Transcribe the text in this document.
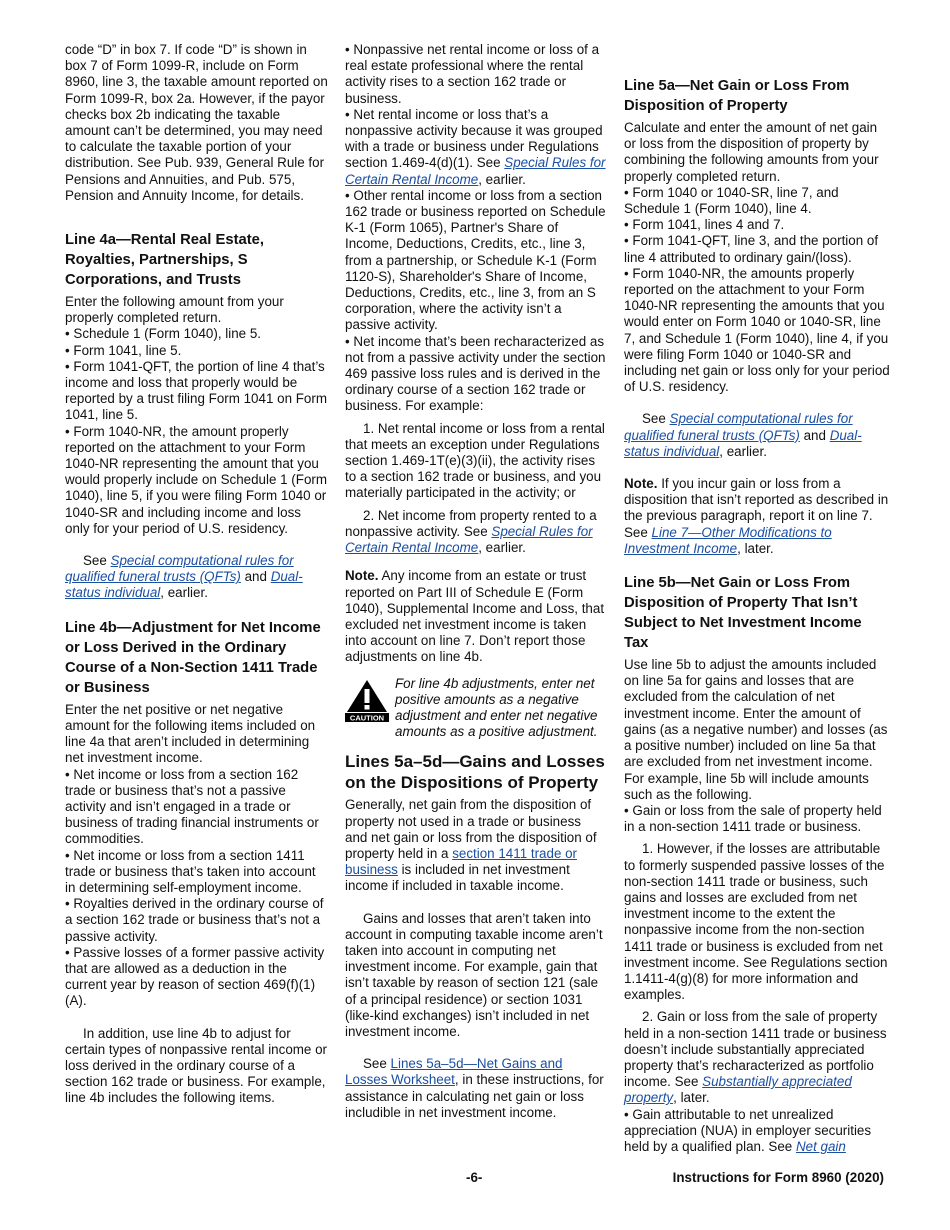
code “D” in box 7. If code “D” is shown in box 7 of Form 1099-R, include on Form 8960, line 3, the taxable amount reported on Form 1099-R, box 2a. However, if the payor checks box 2b indicating the taxable amount can’t be determined, you may need to calculate the taxable portion of your distribution. See Pub. 939, General Rule for Pensions and Annuities, and Pub. 575, Pension and Annuity Income, for details.

Line 4a—Rental Real Estate, Royalties, Partnerships, S Corporations, and Trusts

Enter the following amount from your properly completed return.

• Schedule 1 (Form 1040), line 5.

• Form 1041, line 5.

• Form 1041-QFT, the portion of line 4 that’s income and loss that properly would be reported by a trust filing Form 1041 on Form 1041, line 5.

• Form 1040-NR, the amount properly reported on the attachment to your Form 1040-NR representing the amount that you would properly include on Schedule 1 (Form 1040), line 5, if you were filing Form 1040 or 1040-SR and including income and loss only for your period of U.S. residency.

See Special computational rules for qualified funeral trusts (QFTs) and Dual-status individual, earlier.

Line 4b—Adjustment for Net Income or Loss Derived in the Ordinary Course of a Non-Section 1411 Trade or Business

Enter the net positive or net negative amount for the following items included on line 4a that aren’t included in determining net investment income.

• Net income or loss from a section 162 trade or business that’s not a passive activity and isn’t engaged in a trade or business of trading financial instruments or commodities.

• Net income or loss from a section 1411 trade or business that’s taken into account in determining self-employment income.

• Royalties derived in the ordinary course of a section 162 trade or business that’s not a passive activity.

• Passive losses of a former passive activity that are allowed as a deduction in the current year by reason of section 469(f)(1)(A).

In addition, use line 4b to adjust for certain types of nonpassive rental income or loss derived in the ordinary course of a section 162 trade or business. For example, line 4b includes the following items.

• Nonpassive net rental income or loss of a real estate professional where the rental activity rises to a section 162 trade or business.

• Net rental income or loss that’s a nonpassive activity because it was grouped with a trade or business under Regulations section 1.469-4(d)(1). See Special Rules for Certain Rental Income, earlier.

• Other rental income or loss from a section 162 trade or business reported on Schedule K-1 (Form 1065), Partner's Share of Income, Deductions, Credits, etc., line 3, from a partnership, or Schedule K-1 (Form 1120-S), Shareholder's Share of Income, Deductions, Credits, etc., line 3, from an S corporation, where the activity isn’t a passive activity.

• Net income that’s been recharacterized as not from a passive activity under the section 469 passive loss rules and is derived in the ordinary course of a section 162 trade or business. For example:

1. Net rental income or loss from a rental that meets an exception under Regulations section 1.469-1T(e)(3)(ii), the activity rises to a section 162 trade or business, and you materially participated in the activity; or

2. Net income from property rented to a nonpassive activity. See Special Rules for Certain Rental Income, earlier.

Note. Any income from an estate or trust reported on Part III of Schedule E (Form 1040), Supplemental Income and Loss, that excluded net investment income is taken into account on line 7. Don’t report those adjustments on line 4b.

CAUTION

For line 4b adjustments, enter net positive amounts as a negative adjustment and enter net negative amounts as a positive adjustment.

Lines 5a–5d—Gains and Losses on the Dispositions of Property

Generally, net gain from the disposition of property not used in a trade or business and net gain or loss from the disposition of property held in a section 1411 trade or business is included in net investment income if included in taxable income.

Gains and losses that aren’t taken into account in computing taxable income aren’t taken into account in computing net investment income. For example, gain that isn’t taxable by reason of section 121 (sale of a principal residence) or section 1031 (like-kind exchanges) isn’t included in net investment income.

See Lines 5a–5d—Net Gains and Losses Worksheet, in these instructions, for assistance in calculating net gain or loss includible in net investment income.

Line 5a—Net Gain or Loss From Disposition of Property

Calculate and enter the amount of net gain or loss from the disposition of property by combining the following amounts from your properly completed return.

• Form 1040 or 1040-SR, line 7, and Schedule 1 (Form 1040), line 4.

• Form 1041, lines 4 and 7.

• Form 1041-QFT, line 3, and the portion of line 4 attributed to ordinary gain/(loss).

• Form 1040-NR, the amounts properly reported on the attachment to your Form 1040-NR representing the amounts that you would enter on Form 1040 or 1040-SR, line 7, and Schedule 1 (Form 1040), line 4, if you were filing Form 1040 or 1040-SR and including net gain or loss only for your period of U.S. residency.

See Special computational rules for qualified funeral trusts (QFTs) and Dual-status individual, earlier.

Note. If you incur gain or loss from a disposition that isn’t reported as described in the previous paragraph, report it on line 7. See Line 7—Other Modifications to Investment Income, later.

Line 5b—Net Gain or Loss From Disposition of Property That Isn’t Subject to Net Investment Income Tax

Use line 5b to adjust the amounts included on line 5a for gains and losses that are excluded from the calculation of net investment income. Enter the amount of gains (as a negative number) and losses (as a positive number) included on line 5a that are excluded from net investment income. For example, line 5b will include amounts such as the following.

• Gain or loss from the sale of property held in a non-section 1411 trade or business.

1. However, if the losses are attributable to formerly suspended passive losses of the non-section 1411 trade or business, such gains and losses are excluded from net investment income to the extent the nonpassive income from the non-section 1411 trade or business is excluded from net investment income. See Regulations section 1.1411-4(g)(8) for more information and examples.

2. Gain or loss from the sale of property held in a non-section 1411 trade or business doesn’t include substantially appreciated property that’s recharacterized as portfolio income. See Substantially appreciated property, later.

• Gain attributable to net unrealized appreciation (NUA) in employer securities held by a qualified plan. See Net gain

-6-	Instructions for Form 8960 (2020)
